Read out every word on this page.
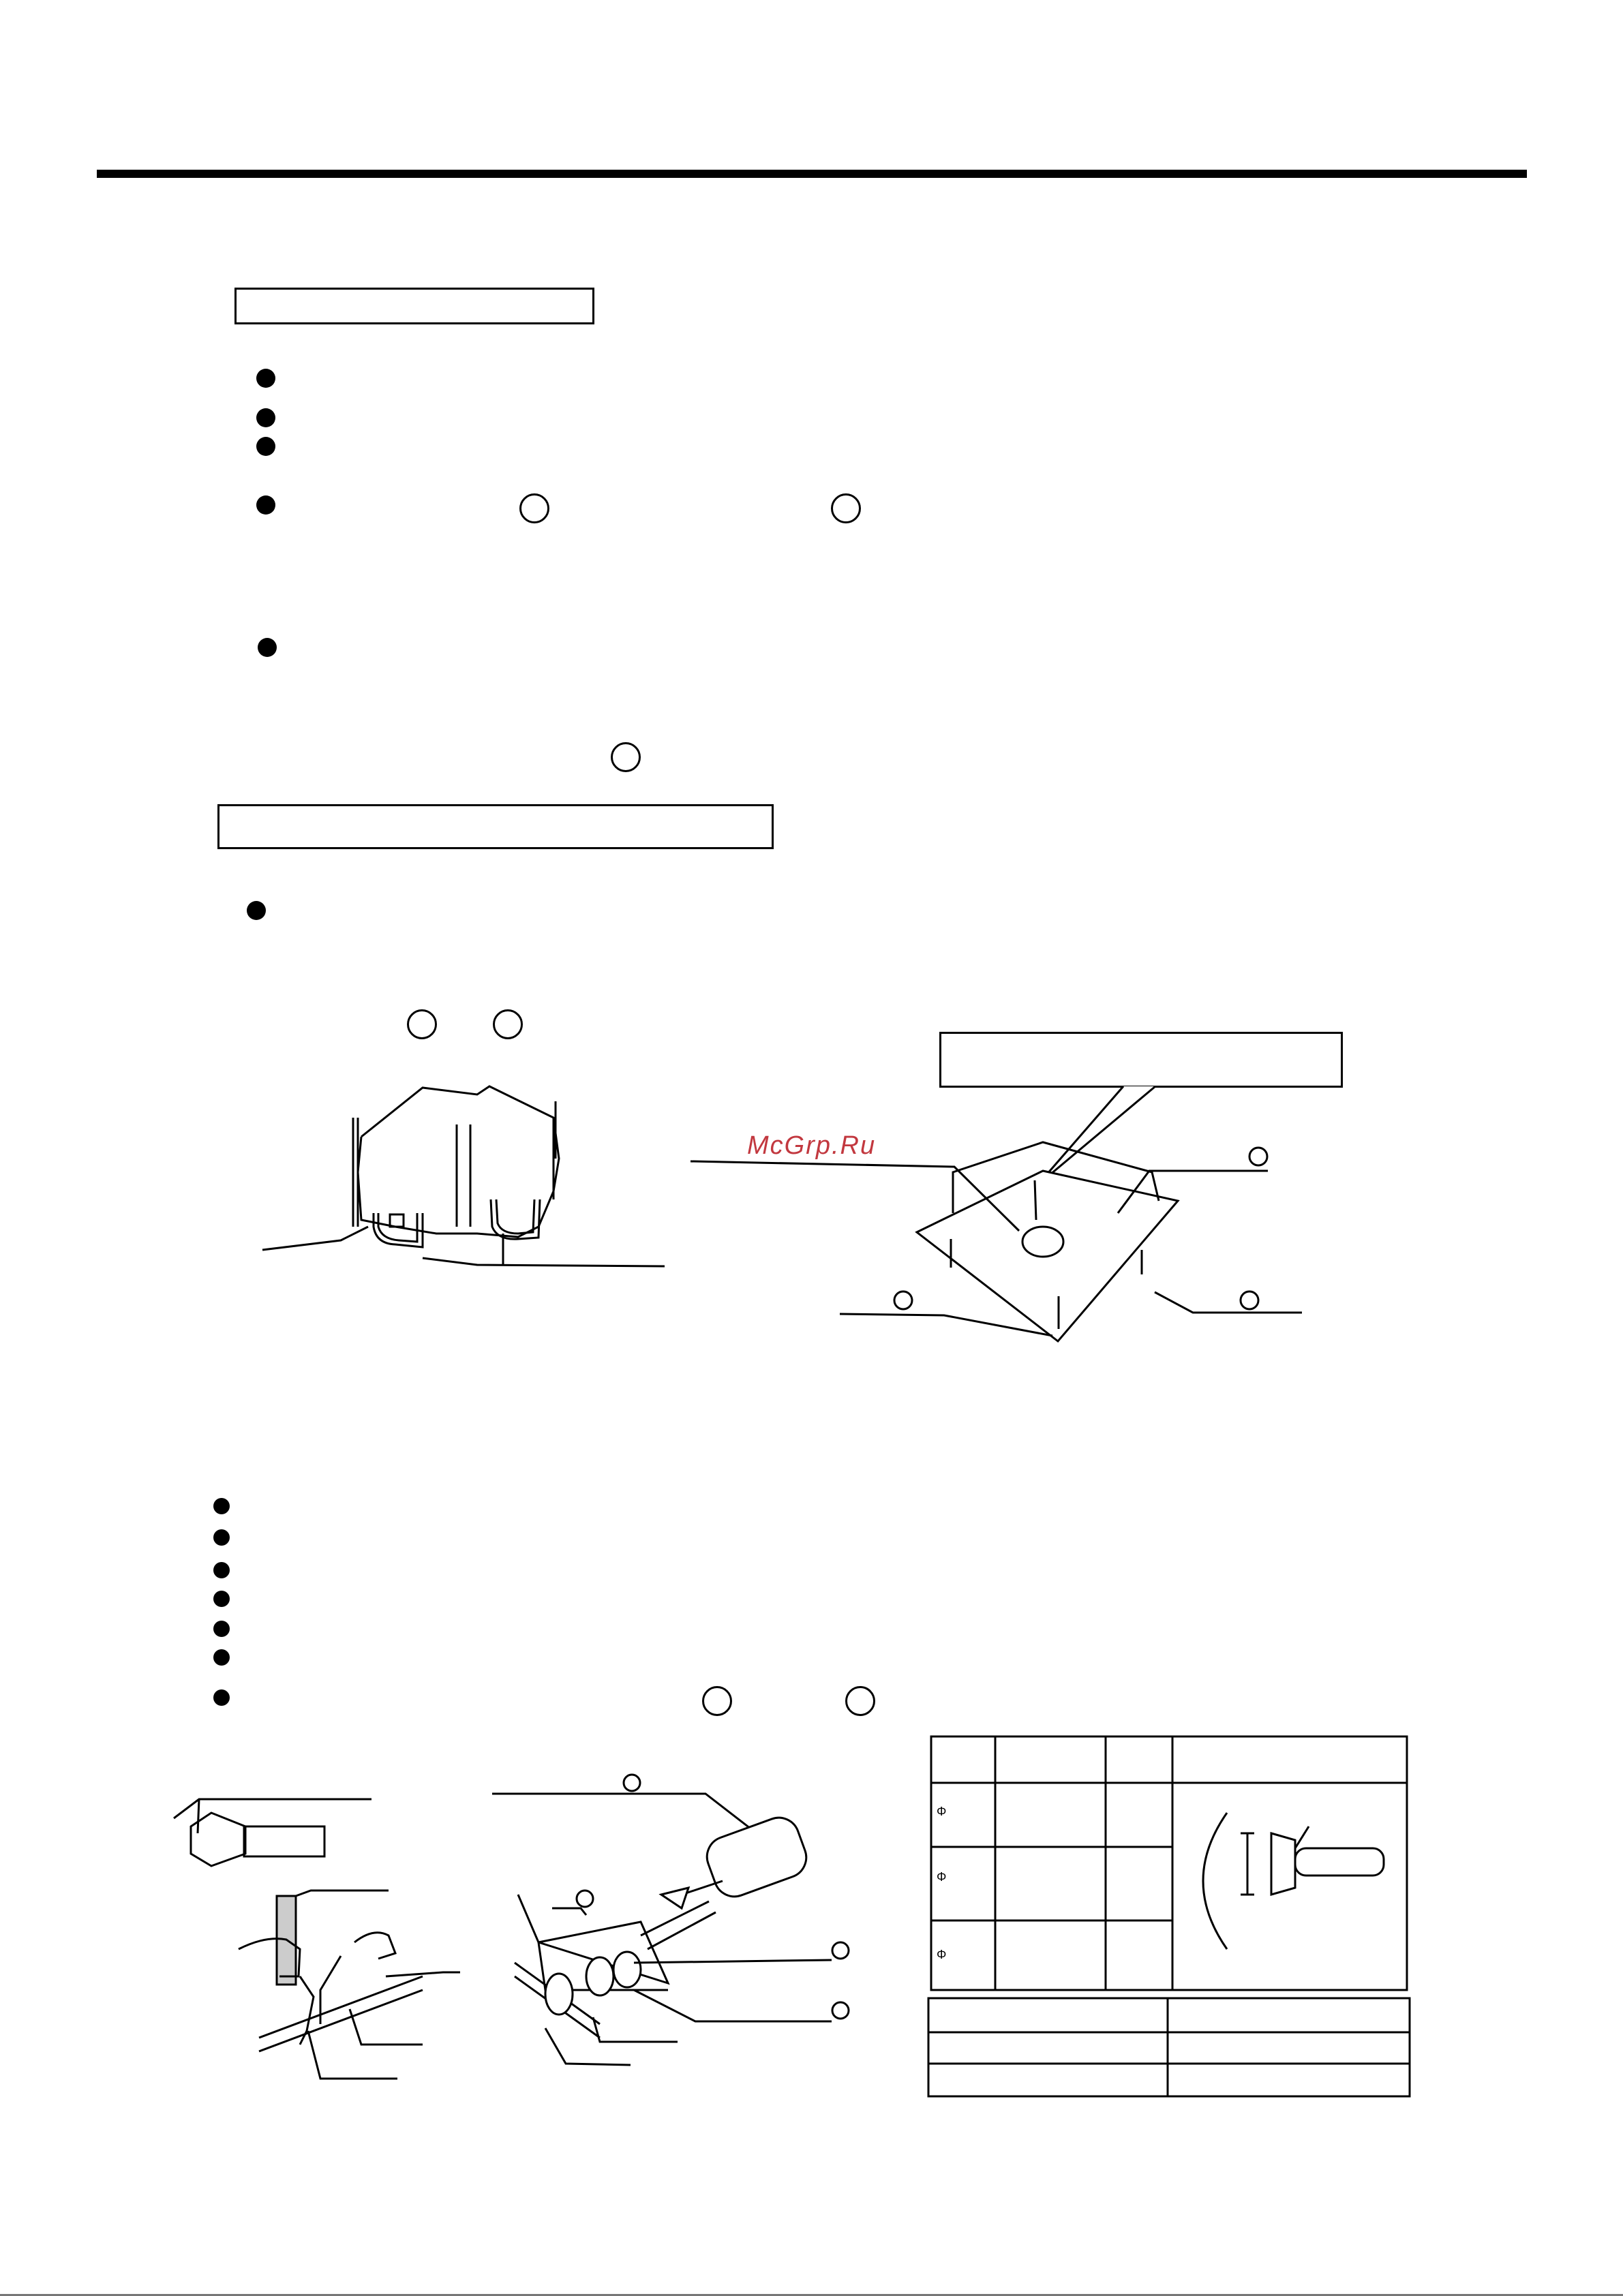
McGrp.Ru
Φ
Φ
Φ
